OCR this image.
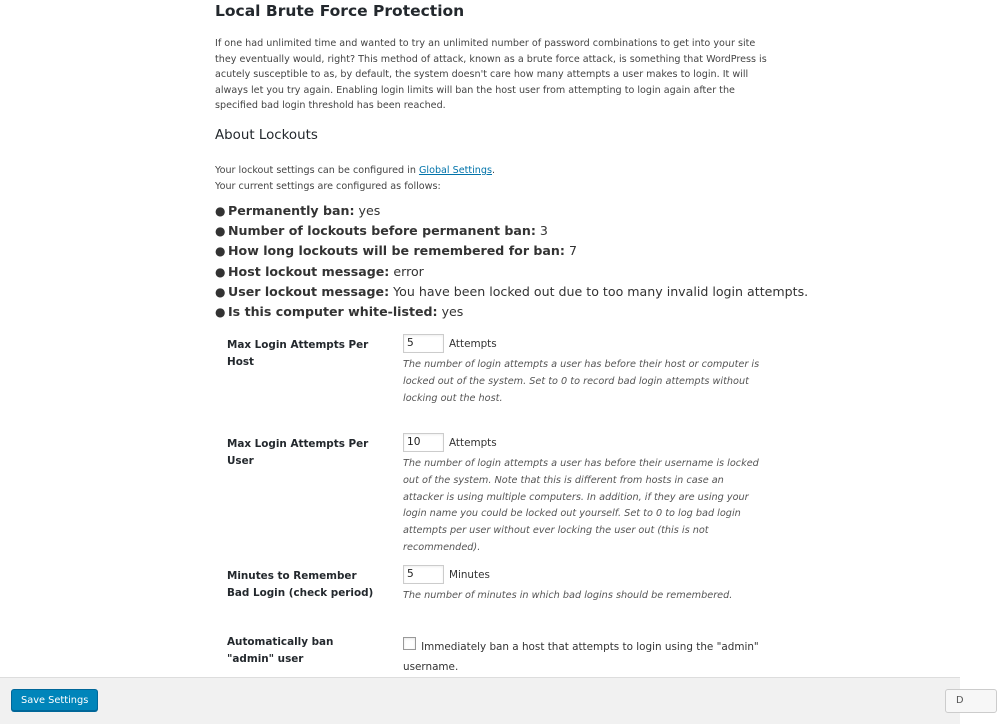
Local Brute Force Protection

If one had unlimited time and wanted to try an unlimited number of password combinations to get into your site they eventually would, right? This method of attack, known as a brute force attack, is something that WordPress is acutely susceptible to as, by default, the system doesn't care how many attempts a user makes to login. It will always let you try again. Enabling login limits will ban the host user from attempting to login again after the specified bad login threshold has been reached.

About Lockouts

Your lockout settings can be configured in Global Settings.
Your current settings are configured as follows:

● Permanently ban: yes
● Number of lockouts before permanent ban: 3
● How long lockouts will be remembered for ban: 7
● Host lockout message: error
● User lockout message: You have been locked out due to too many invalid login attempts.
● Is this computer white-listed: yes
Max Login Attempts Per Host
5	Attempts

The number of login attempts a user has before their host or computer is locked out of the system. Set to 0 to record bad login attempts without locking out the host.

Max Login Attempts Per User
10	Attempts

The number of login attempts a user has before their username is locked out of the system. Note that this is different from hosts in case an attacker is using multiple computers. In addition, if they are using your login name you could be locked out yourself. Set to 0 to log bad login attempts per user without ever locking the user out (this is not recommended).

Minutes to Remember Bad Login (check period)
5	Minutes

The number of minutes in which bad logins should be remembered.

Automatically ban "admin" user
Immediately ban a host that attempts to login using the "admin" username.
Save Settings	D
